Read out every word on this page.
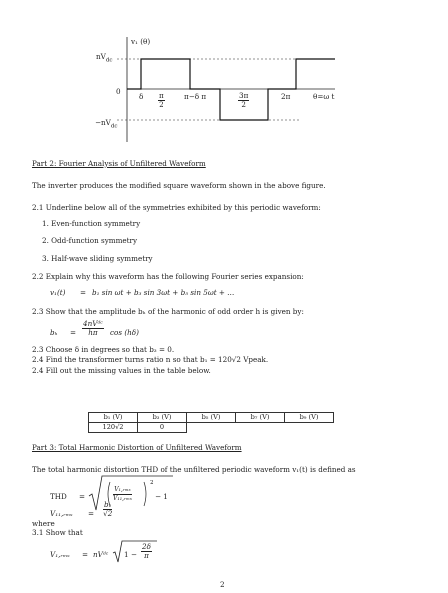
v₁ (θ)
$nV_{dc}$
0
$-nV_{dc}$
δ $\frac{\pi}{2}$	π−δ π	$\frac{3\pi}{2}$	2π	θ=ω t
Part 2: Fourier Analysis of Unfiltered Waveform
The inverter produces the modified square waveform shown in the above figure.
2.1 Underline below all of the symmetries exhibited by this periodic waveform:
1. Even-function symmetry
2. Odd-function symmetry
3. Half-wave sliding symmetry
2.2 Explain why this waveform has the following Fourier series expansion:
v₁(t) = b₁ sin ωt + b₃ sin 3ωt + b₅ sin 5ωt + …
2.3 Show that the amplitude bₕ of the harmonic of odd order h is given by:
$b_h = \frac{\text{4nVᵈᶜ}}{h\pi}$ cos (hδ)
2.3 Choose δ in degrees so that b₃ = 0.
2.4 Find the transformer turns ratio n so that b₁ = 120√2 Vpeak.
2.4 Fill out the missing values in the table below.
b₁ (V)	b₃ (V)	b₅ (V)	b₇ (V)	b₉ (V)
120√2	0			
Part 3: Total Harmonic Distortion of Unfiltered Waveform
The total harmonic distortion THD of the unfiltered periodic waveform v₁(t) is defined as
THD =	$\frac{\text{V₁,ᵣₘₛ}}{\text{V₁₁,ᵣₘₛ}}$
2
− 1
where
V₁₁,ᵣₘₛ = $\frac{\text{b₁}}{√2}$
3.1 Show that
V₁,ᵣₘₛ = nVᵈᶜ $1 - \frac{2\delta}{\pi}$
2
